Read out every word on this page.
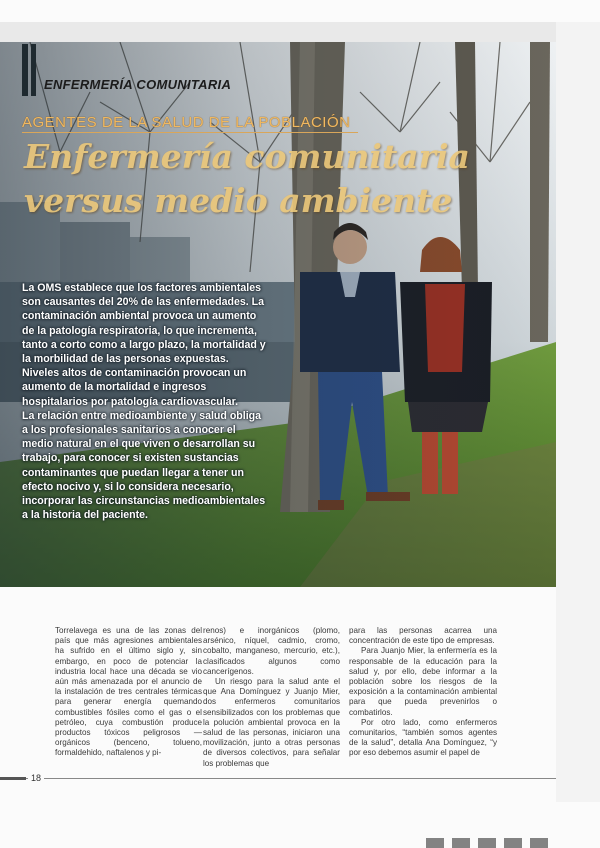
ENFERMERÍA COMUNITARIA
AGENTES DE LA SALUD DE LA POBLACIÓN
Enfermería comunitaria
versus medio ambiente

La OMS establece que los factores ambientales son causantes del 20% de las enfermedades. La contaminación ambiental provoca un aumento de la patología respiratoria, lo que incrementa, tanto a corto como a largo plazo, la mortalidad y la morbilidad de las personas expuestas. Niveles altos de contaminación provocan un aumento de la mortalidad e ingresos hospitalarios por patología cardiovascular.

La relación entre medioambiente y salud obliga a los profesionales sanitarios a conocer el medio natural en el que viven o desarrollan su trabajo, para conocer si existen sustancias contaminantes que puedan llegar a tener un efecto nocivo y, si lo considera necesario, incorporar las circunstancias medioambientales a la historia del paciente.

Torrelavega es una de las zonas del país que más agresiones ambientales ha sufrido en el último siglo y, sin embargo, en poco de potenciar la industria local hace una década se vio aún más amenazada por el anuncio de la instalación de tres centrales térmicas para generar energía quemando combustibles fósiles como el gas o el petróleo, cuya combustión produce productos tóxicos peligrosos —orgánicos (benceno, tolueno, formaldehido, naftalenos y pi-

renos) e inorgánicos (plomo, arsénico, níquel, cadmio, cromo, cobalto, manganeso, mercurio, etc.), clasificados algunos como cancerígenos.

Un riesgo para la salud ante el que Ana Domínguez y Juanjo Mier, dos enfermeros comunitarios sensibilizados con los problemas que la polución ambiental provoca en la salud de las personas, iniciaron una movilización, junto a otras personas de diversos colectivos, para señalar los problemas que

para las personas acarrea una concentración de este tipo de empresas.

Para Juanjo Mier, la enfermería es la responsable de la educación para la salud y, por ello, debe informar a la población sobre los riesgos de la exposición a la contaminación ambiental para que pueda prevenirlos o combatirlos.

Por otro lado, como enfermeros comunitarios, “también somos agentes de la salud”, detalla Ana Domínguez, “y por eso debemos asumir el papel de

18
